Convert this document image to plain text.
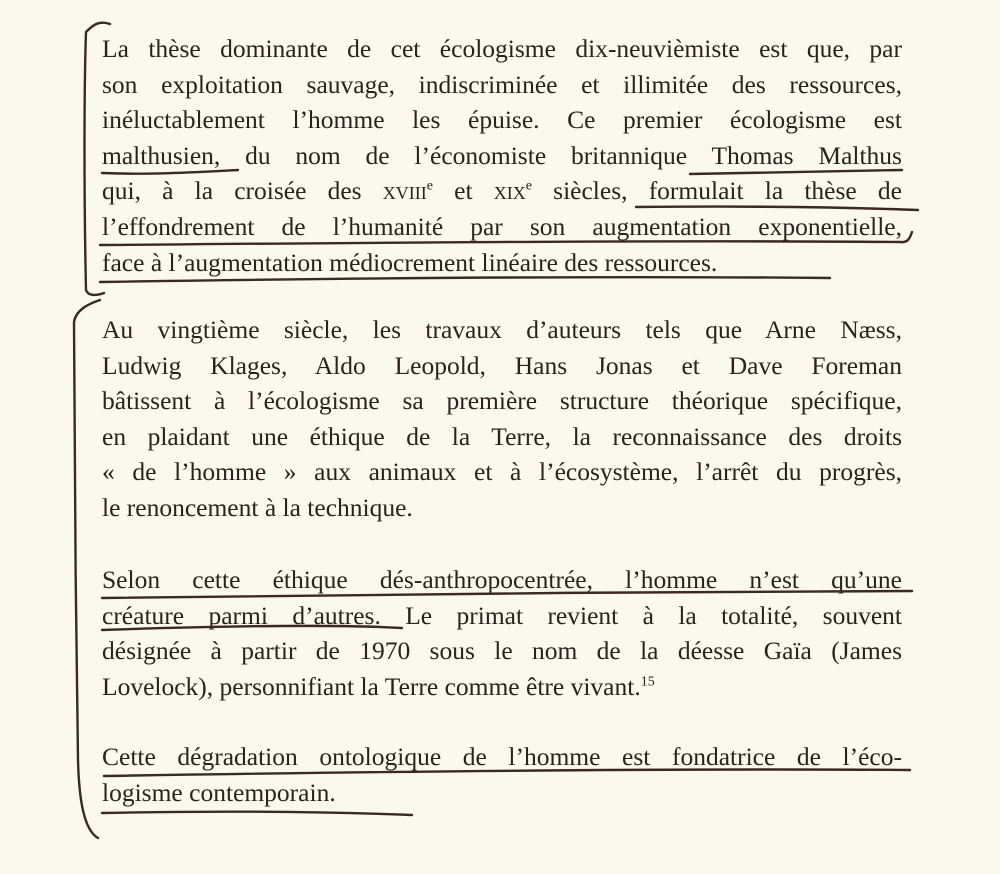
La thèse dominante de cet écologisme dix-neuvièmiste est que, par
son exploitation sauvage, indiscriminée et illimitée des ressources,
inéluctablement l’homme les épuise. Ce premier écologisme est
malthusien, du nom de l’économiste britannique Thomas Malthus
qui, à la croisée des xviii$^e$ et xix$^e$ siècles, formulait la thèse de
l’effondrement de l’humanité par son augmentation exponentielle,
face à l’augmentation médiocrement linéaire des ressources.
Au vingtième siècle, les travaux d’auteurs tels que Arne Næss,
Ludwig Klages, Aldo Leopold, Hans Jonas et Dave Foreman
bâtissent à l’écologisme sa première structure théorique spécifique,
en plaidant une éthique de la Terre, la reconnaissance des droits
« de l’homme » aux animaux et à l’écosystème, l’arrêt du progrès,
le renoncement à la technique.
Selon cette éthique dés-anthropocentrée, l’homme n’est qu’une
créature parmi d’autres. Le primat revient à la totalité, souvent
désignée à partir de 1970 sous le nom de la déesse Gaïa (James
Lovelock), personnifiant la Terre comme être vivant.$^{15}$
Cette dégradation ontologique de l’homme est fondatrice de l’éco-
logisme contemporain.
